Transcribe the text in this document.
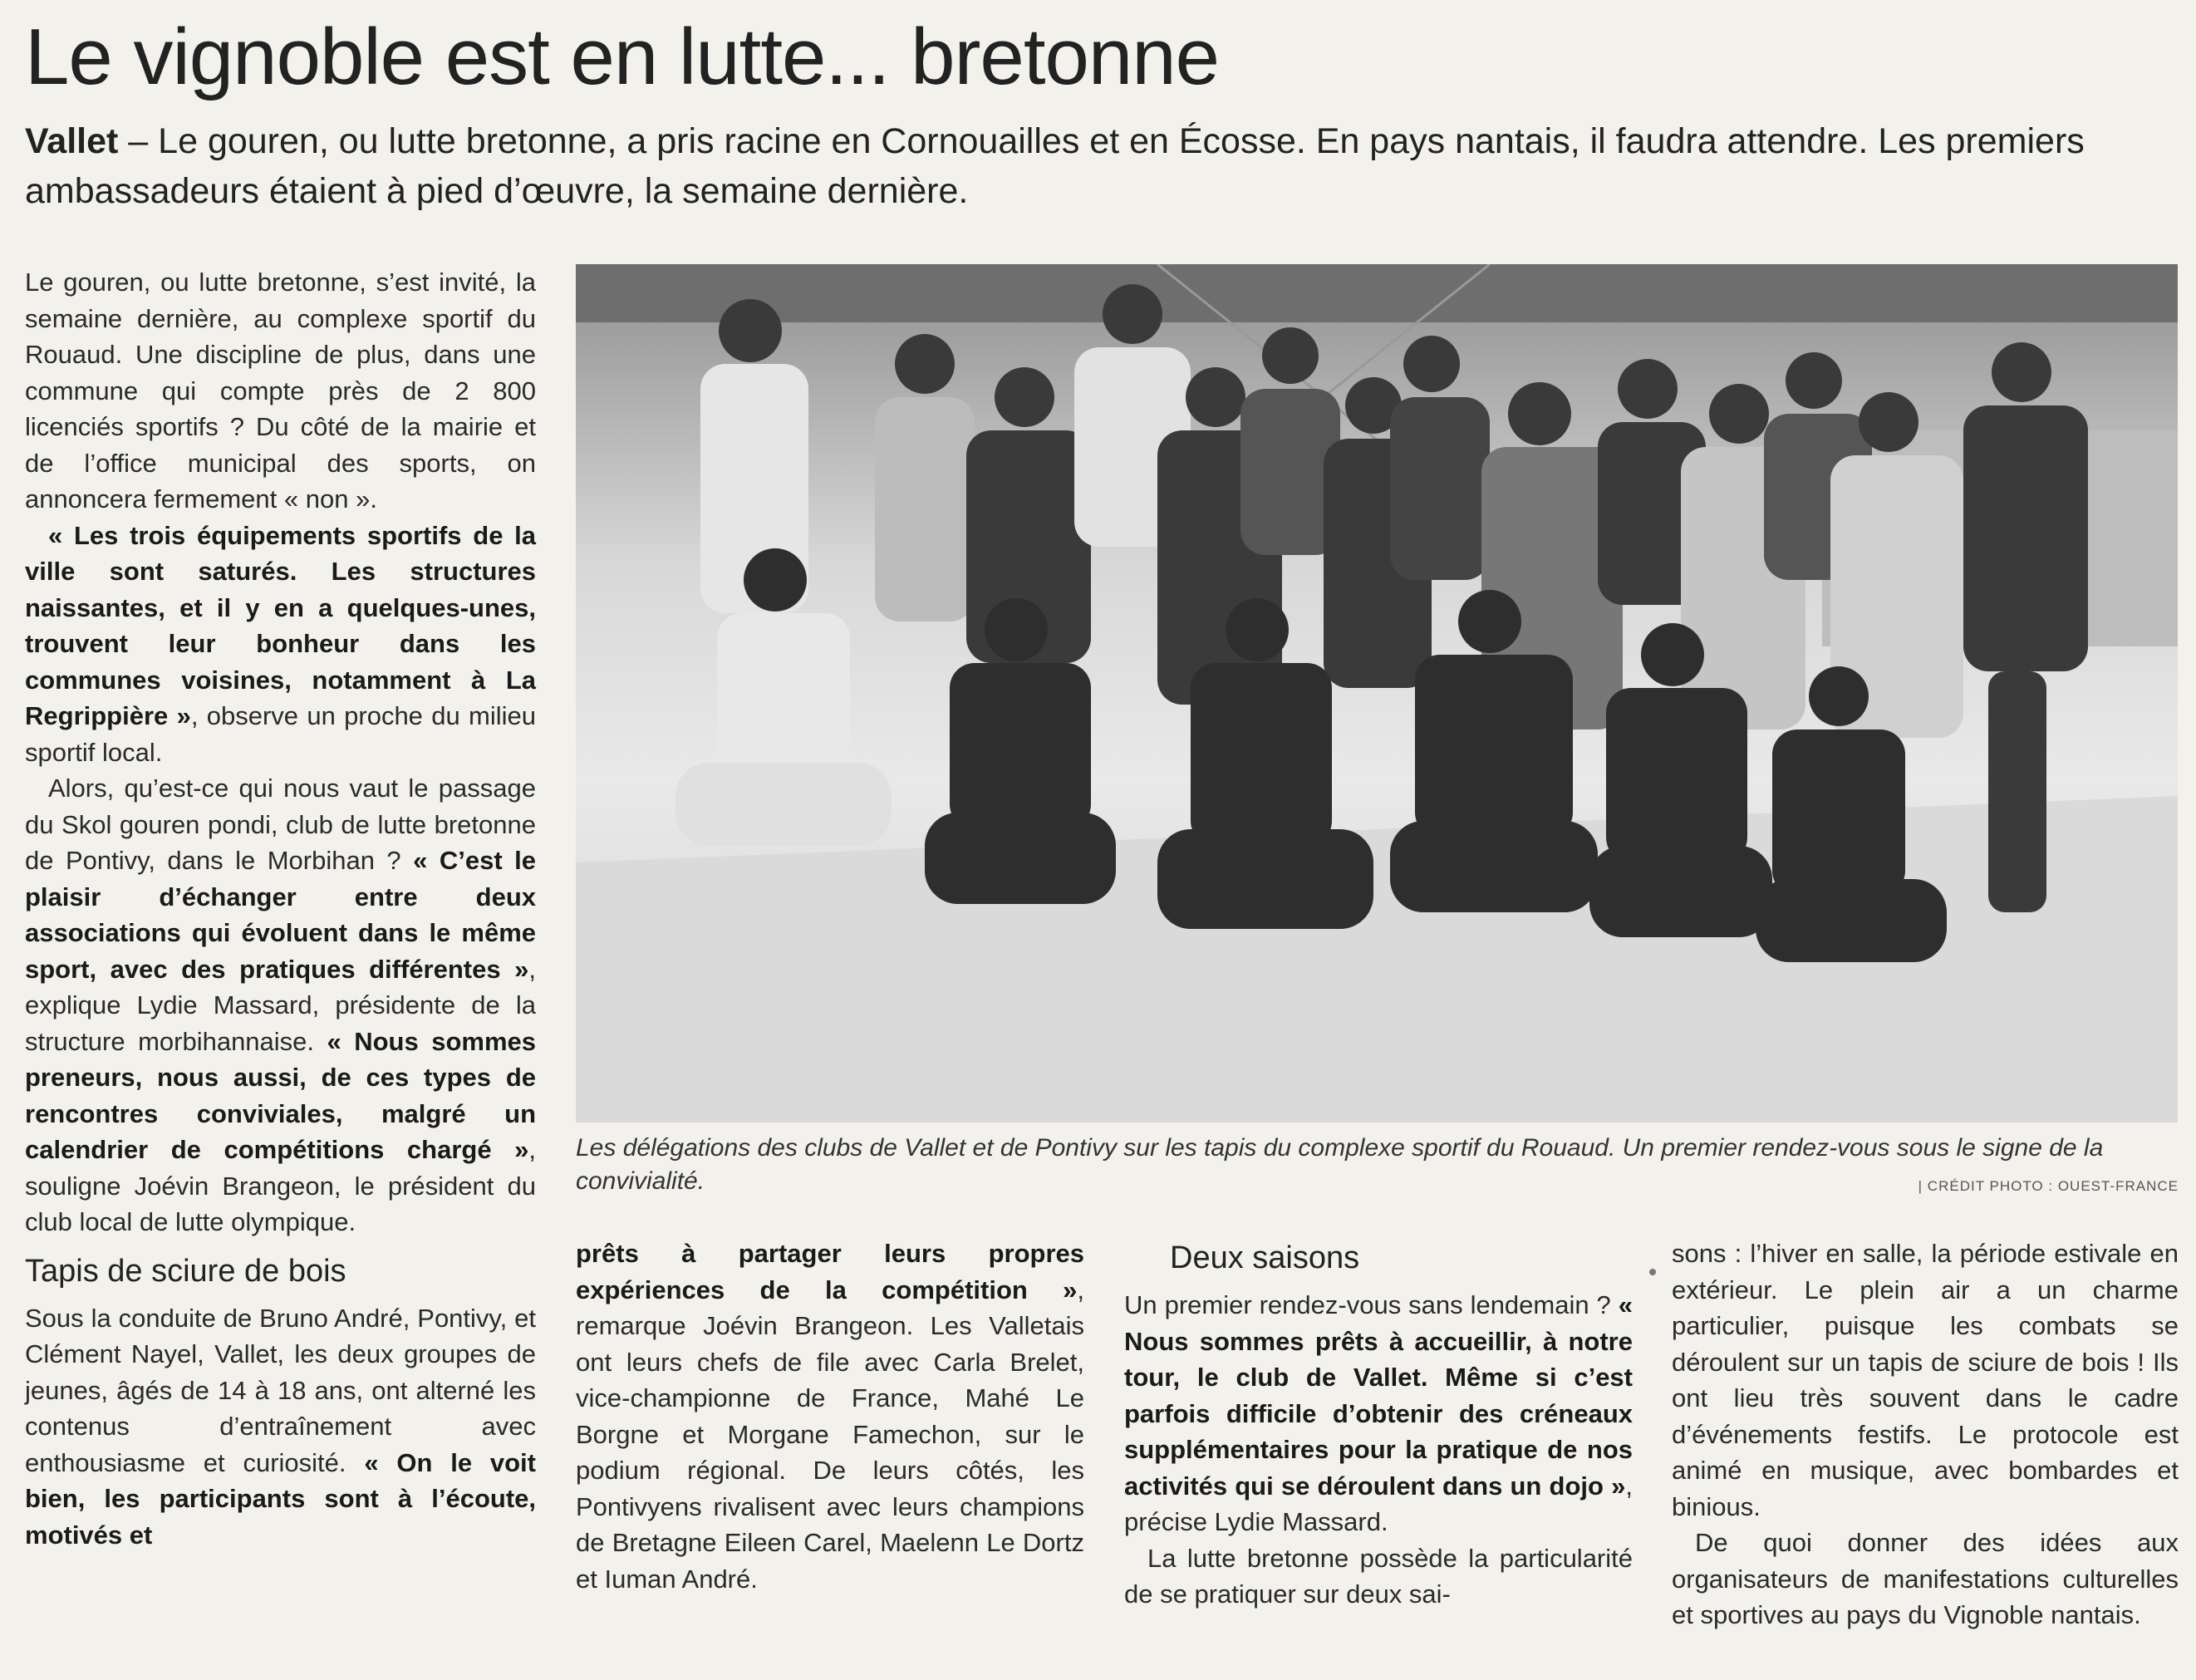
Le vignoble est en lutte... bretonne
Vallet – Le gouren, ou lutte bretonne, a pris racine en Cornouailles et en Écosse. En pays nantais, il faudra attendre. Les premiers ambassadeurs étaient à pied d’œuvre, la semaine dernière.

Le gouren, ou lutte bretonne, s’est invité, la semaine dernière, au complexe sportif du Rouaud. Une discipline de plus, dans une commune qui compte près de 2 800 licenciés sportifs ? Du côté de la mairie et de l’office municipal des sports, on annoncera fermement « non ».

« Les trois équipements sportifs de la ville sont saturés. Les structures naissantes, et il y en a quelques-unes, trouvent leur bonheur dans les communes voisines, notamment à La Regrippière », observe un proche du milieu sportif local.

Alors, qu’est-ce qui nous vaut le passage du Skol gouren pondi, club de lutte bretonne de Pontivy, dans le Morbihan ? « C’est le plaisir d’échanger entre deux associations qui évoluent dans le même sport, avec des pratiques différentes », explique Lydie Massard, présidente de la structure morbihannaise. « Nous sommes preneurs, nous aussi, de ces types de rencontres conviviales, malgré un calendrier de compétitions chargé », souligne Joévin Brangeon, le président du club local de lutte olympique.

Tapis de sciure de bois

Sous la conduite de Bruno André, Pontivy, et Clément Nayel, Vallet, les deux groupes de jeunes, âgés de 14 à 18 ans, ont alterné les contenus d’entraînement avec enthousiasme et curiosité. « On le voit bien, les participants sont à l’écoute, motivés et

Les délégations des clubs de Vallet et de Pontivy sur les tapis du complexe sportif du Rouaud. Un premier rendez-vous sous le signe de la convivialité.	| CRÉDIT PHOTO : OUEST-FRANCE

prêts à partager leurs propres expériences de la compétition », remarque Joévin Brangeon. Les Valletais ont leurs chefs de file avec Carla Brelet, vice-championne de France, Mahé Le Borgne et Morgane Famechon, sur le podium régional. De leurs côtés, les Pontivyens rivalisent avec leurs champions de Bretagne Eileen Carel, Maelenn Le Dortz et Iuman André.

Deux saisons

Un premier rendez-vous sans lendemain ? « Nous sommes prêts à accueillir, à notre tour, le club de Vallet. Même si c’est parfois difficile d’obtenir des créneaux supplémentaires pour la pratique de nos activités qui se déroulent dans un dojo », précise Lydie Massard.

La lutte bretonne possède la particularité de se pratiquer sur deux sai-

sons : l’hiver en salle, la période estivale en extérieur. Le plein air a un charme particulier, puisque les combats se déroulent sur un tapis de sciure de bois ! Ils ont lieu très souvent dans le cadre d’événements festifs. Le protocole est animé en musique, avec bombardes et binious.

De quoi donner des idées aux organisateurs de manifestations culturelles et sportives au pays du Vignoble nantais.
